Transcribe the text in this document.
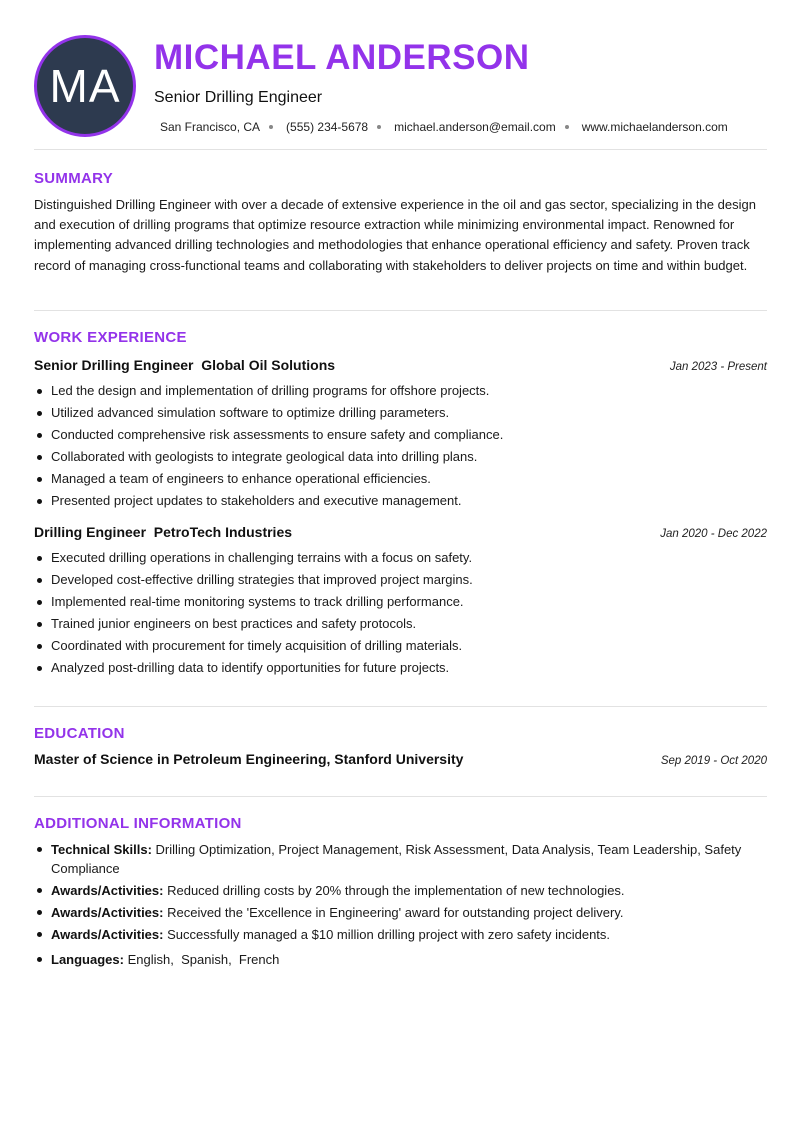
MA
MICHAEL ANDERSON
Senior Drilling Engineer
San Francisco, CA (555) 234-5678 michael.anderson@email.com www.michaelanderson.com
SUMMARY

Distinguished Drilling Engineer with over a decade of extensive experience in the oil and gas sector, specializing in the design and execution of drilling programs that optimize resource extraction while minimizing environmental impact. Renowned for implementing advanced drilling technologies and methodologies that enhance operational efficiency and safety. Proven track record of managing cross-functional teams and collaborating with stakeholders to deliver projects on time and within budget.

WORK EXPERIENCE
Senior Drilling Engineer Global Oil Solutions	Jan 2023 - Present
Led the design and implementation of drilling programs for offshore projects.
Utilized advanced simulation software to optimize drilling parameters.
Conducted comprehensive risk assessments to ensure safety and compliance.
Collaborated with geologists to integrate geological data into drilling plans.
Managed a team of engineers to enhance operational efficiencies.
Presented project updates to stakeholders and executive management.
Drilling Engineer PetroTech Industries	Jan 2020 - Dec 2022
Executed drilling operations in challenging terrains with a focus on safety.
Developed cost-effective drilling strategies that improved project margins.
Implemented real-time monitoring systems to track drilling performance.
Trained junior engineers on best practices and safety protocols.
Coordinated with procurement for timely acquisition of drilling materials.
Analyzed post-drilling data to identify opportunities for future projects.
EDUCATION
Master of Science in Petroleum Engineering, Stanford University	Sep 2019 - Oct 2020
ADDITIONAL INFORMATION
Technical Skills: Drilling Optimization, Project Management, Risk Assessment, Data Analysis, Team Leadership, Safety Compliance
Awards/Activities: Reduced drilling costs by 20% through the implementation of new technologies.
Awards/Activities: Received the 'Excellence in Engineering' award for outstanding project delivery.
Awards/Activities: Successfully managed a $10 million drilling project with zero safety incidents.
Languages: English , Spanish , French
